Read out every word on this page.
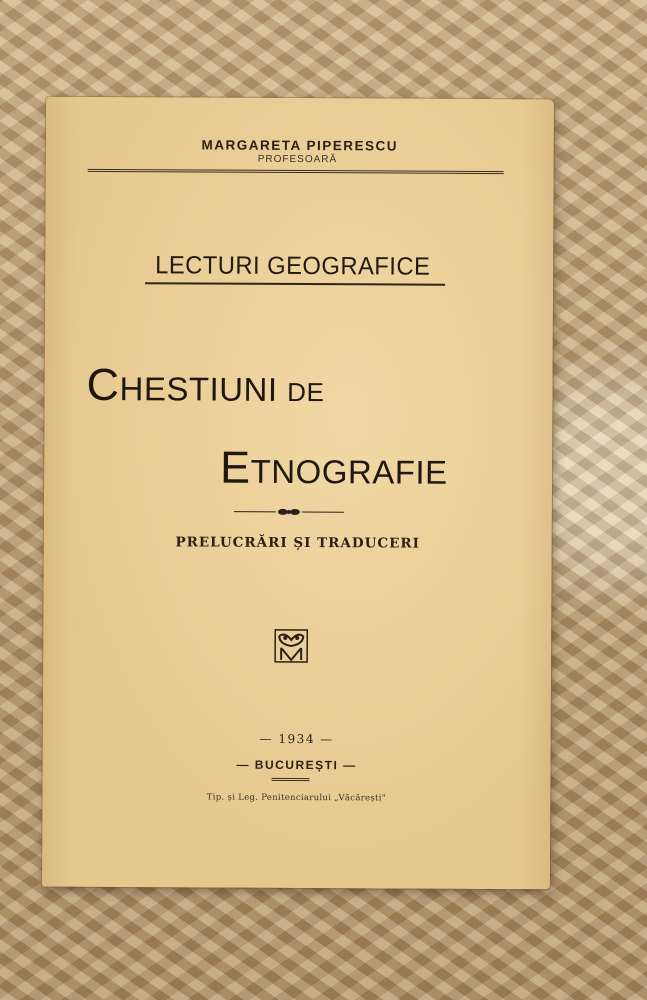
MARGARETA PIPERESCU
PROFESOARĂ
LECTURI GEOGRAFICE
CHESTIUNI DE
ETNOGRAFIE
PRELUCRĂRI ȘI TRADUCERI
— 1934 —
— BUCUREȘTI —
Tip. și Leg. Penitenciarului „Văcărești"
